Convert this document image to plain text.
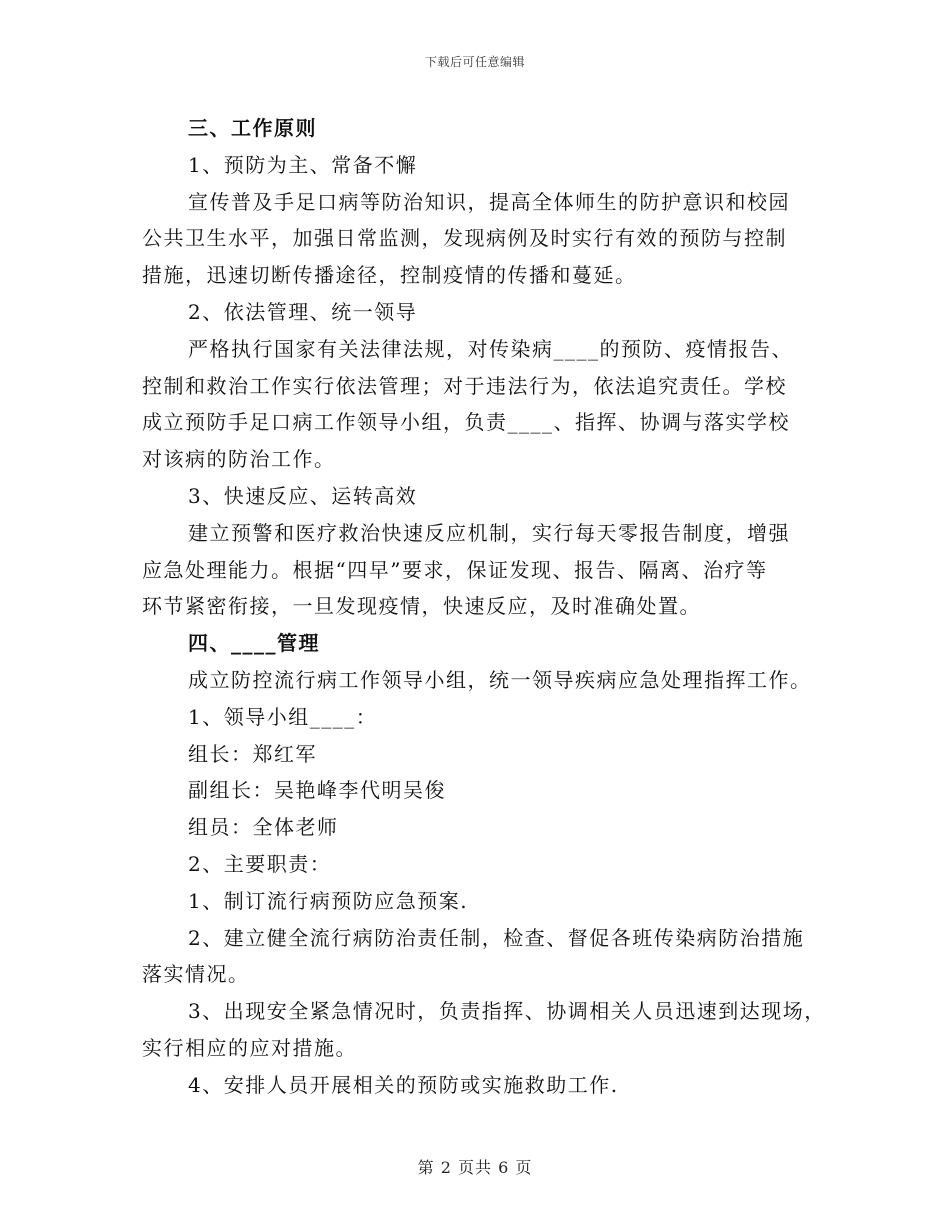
下载后可任意编辑
三、工作原则
1、预防为主、常备不懈
宣传普及手足口病等防治知识，提高全体师生的防护意识和校园
公共卫生水平，加强日常监测，发现病例及时实行有效的预防与控制
措施，迅速切断传播途径，控制疫情的传播和蔓延。
2、依法管理、统一领导
严格执行国家有关法律法规，对传染病____的预防、疫情报告、
控制和救治工作实行依法管理；对于违法行为，依法追究责任。学校
成立预防手足口病工作领导小组，负责____、指挥、协调与落实学校
对该病的防治工作。
3、快速反应、运转高效
建立预警和医疗救治快速反应机制，实行每天零报告制度，增强
应急处理能力。根据“四早”要求，保证发现、报告、隔离、治疗等
环节紧密衔接，一旦发现疫情，快速反应，及时准确处置。
四、____管理
成立防控流行病工作领导小组，统一领导疾病应急处理指挥工作。
1、领导小组____：
组长：郑红军
副组长：吴艳峰李代明吴俊
组员：全体老师
2、主要职责：
1、制订流行病预防应急预案.
2、建立健全流行病防治责任制，检查、督促各班传染病防治措施
落实情况。
3、出现安全紧急情况时，负责指挥、协调相关人员迅速到达现场，
实行相应的应对措施。
4、安排人员开展相关的预防或实施救助工作.
第 2 页共 6 页
